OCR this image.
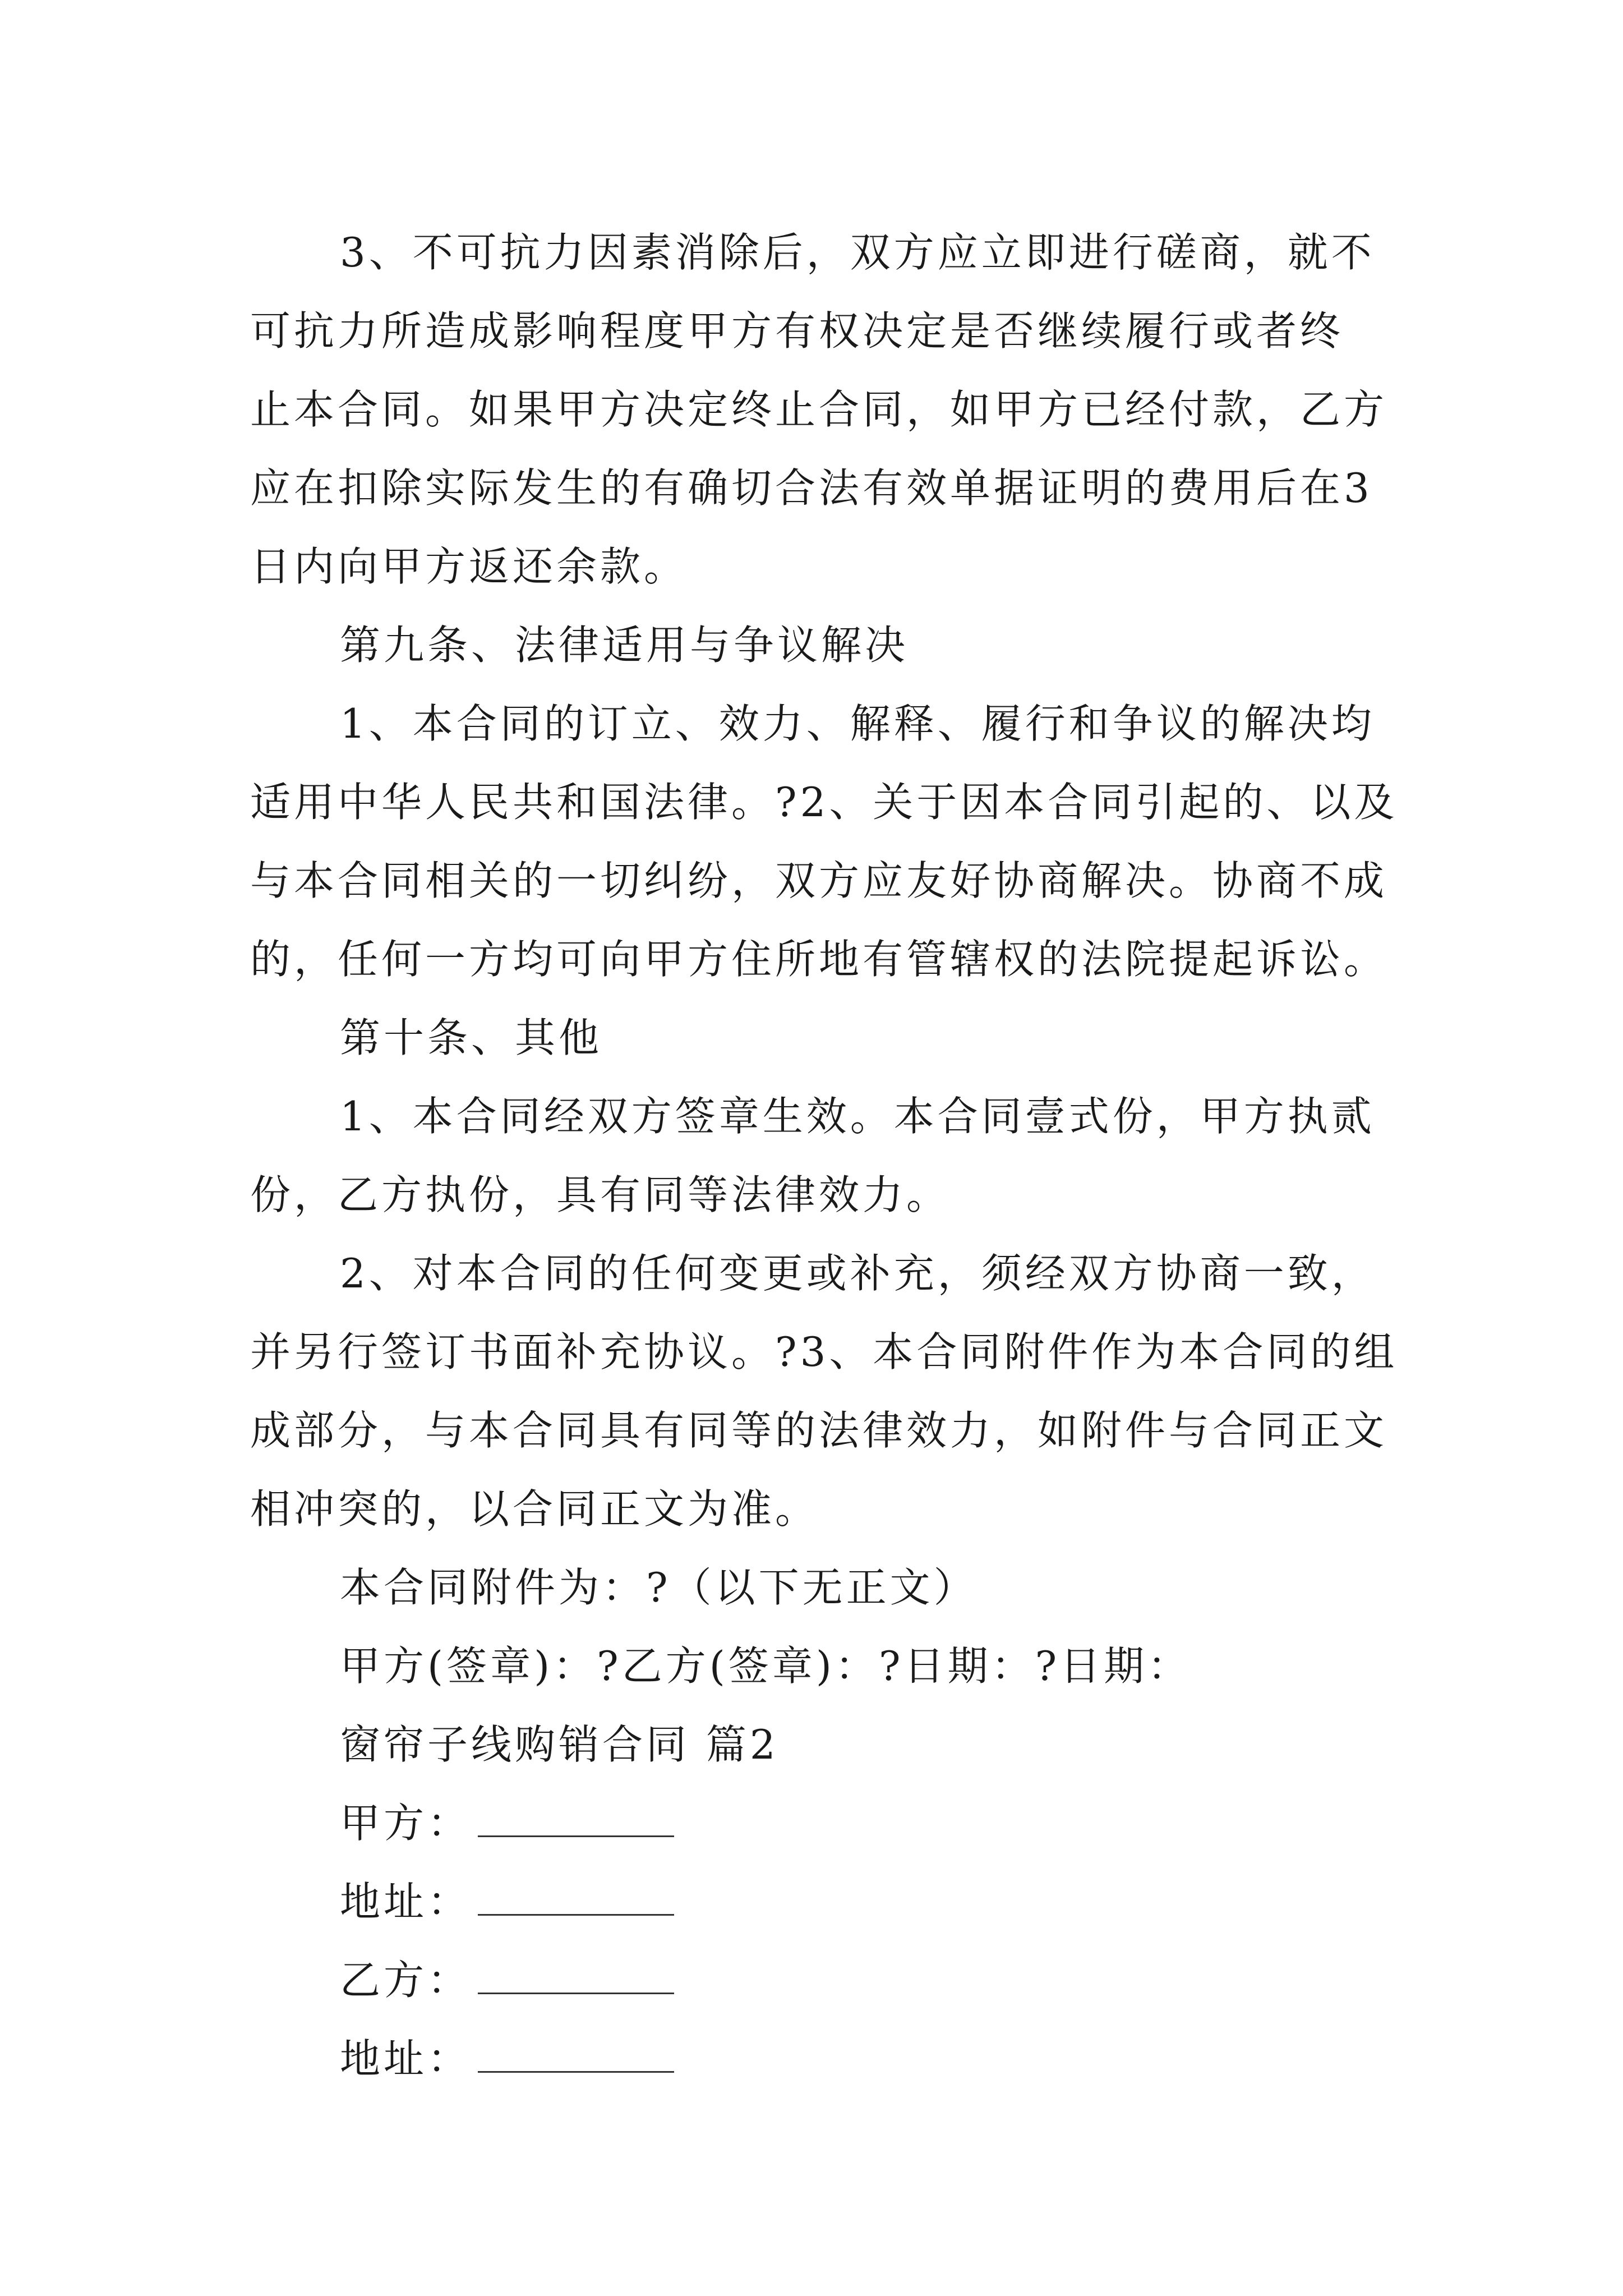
3、不可抗力因素消除后，双方应立即进行磋商，就不
可抗力所造成影响程度甲方有权决定是否继续履行或者终
止本合同。如果甲方决定终止合同，如甲方已经付款，乙方
应在扣除实际发生的有确切合法有效单据证明的费用后在3
日内向甲方返还余款。
第九条、法律适用与争议解决
1、本合同的订立、效力、解释、履行和争议的解决均
适用中华人民共和国法律。?2、关于因本合同引起的、以及
与本合同相关的一切纠纷，双方应友好协商解决。协商不成
的，任何一方均可向甲方住所地有管辖权的法院提起诉讼。
第十条、其他
1、本合同经双方签章生效。本合同壹式份，甲方执贰
份，乙方执份，具有同等法律效力。
2、对本合同的任何变更或补充，须经双方协商一致，
并另行签订书面补充协议。?3、本合同附件作为本合同的组
成部分，与本合同具有同等的法律效力，如附件与合同正文
相冲突的，以合同正文为准。
本合同附件为：?（以下无正文）
甲方(签章)：?乙方(签章)：?日期：?日期：
窗帘子线购销合同 篇2
甲方：
地址：
乙方：
地址：
